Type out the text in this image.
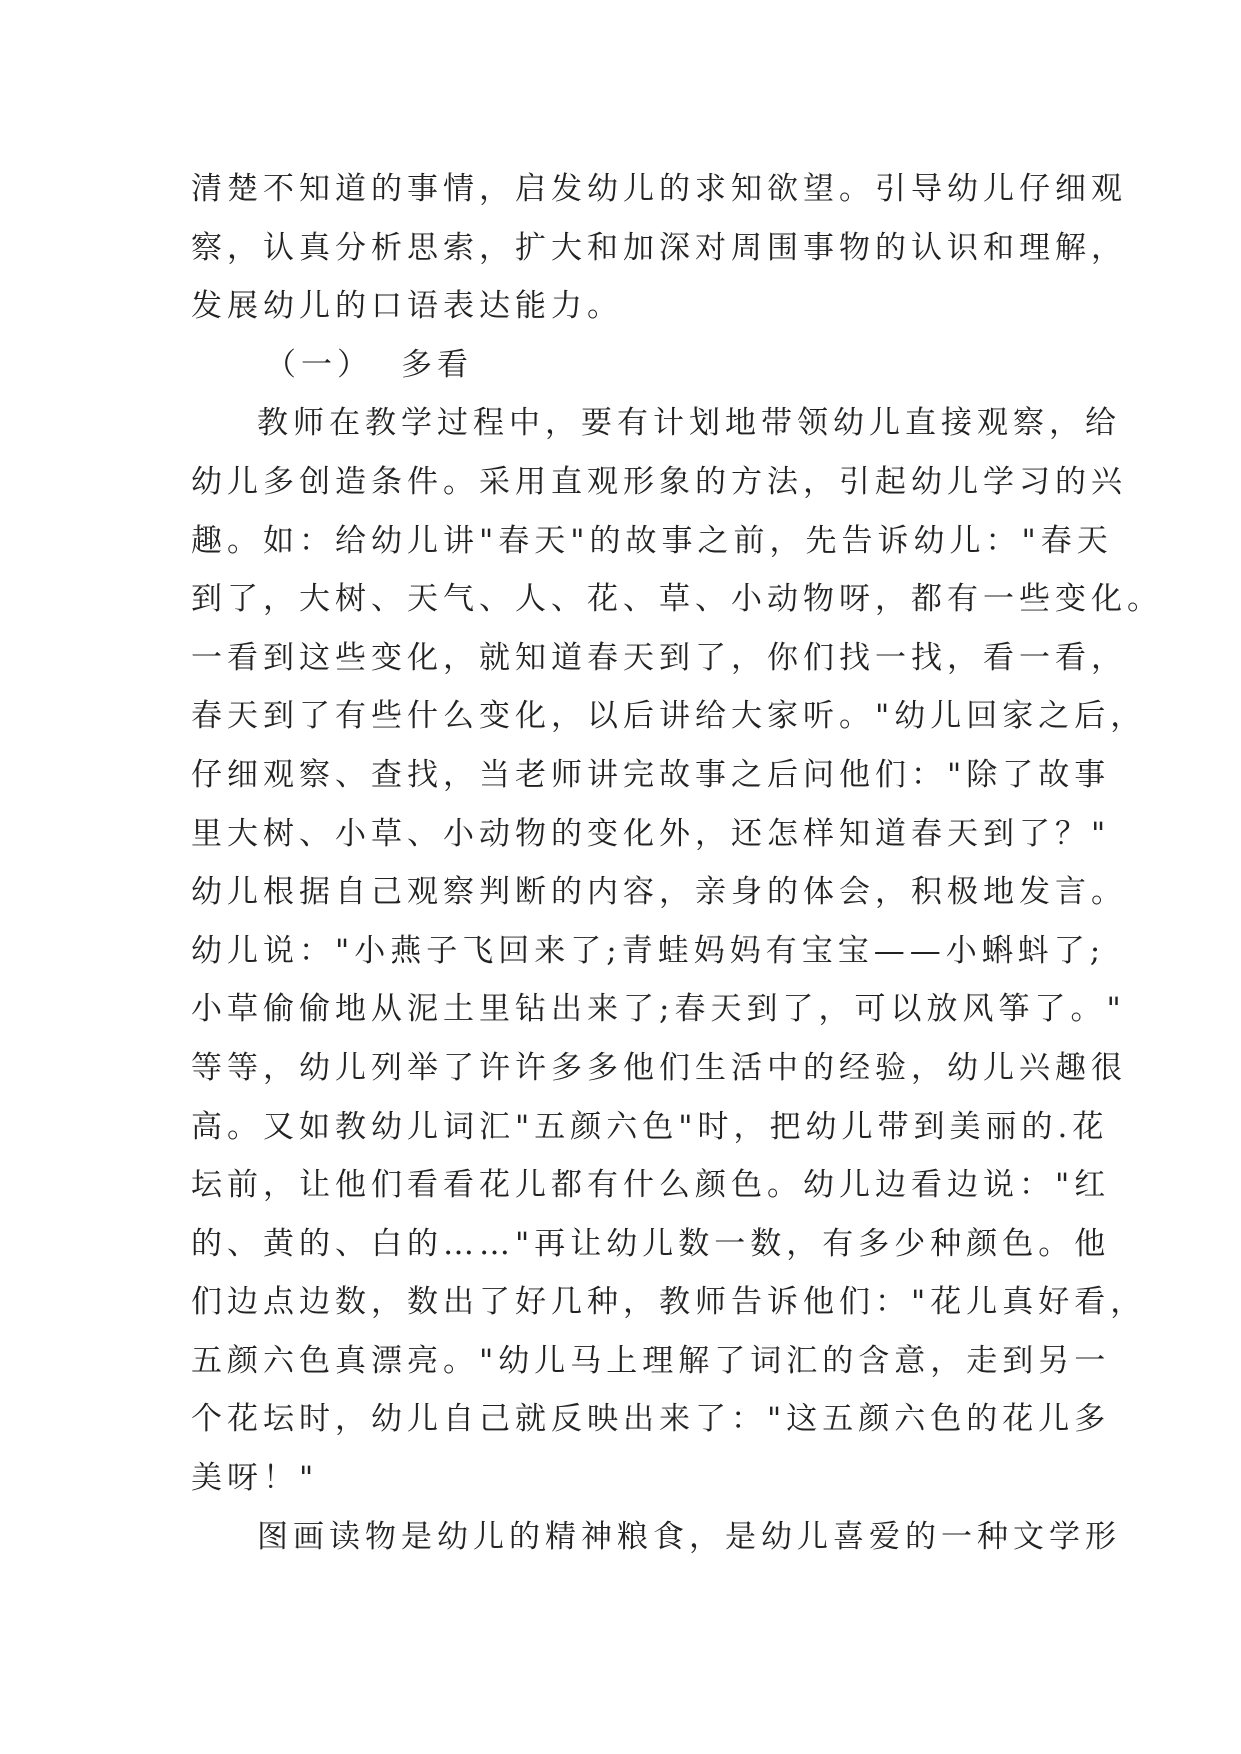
清楚不知道的事情，启发幼儿的求知欲望。引导幼儿仔细观
察，认真分析思索，扩大和加深对周围事物的认识和理解，
发展幼儿的口语表达能力。
（一） 多看
教师在教学过程中，要有计划地带领幼儿直接观察，给
幼儿多创造条件。采用直观形象的方法，引起幼儿学习的兴
趣。如：给幼儿讲"春天"的故事之前，先告诉幼儿："春天
到了，大树、天气、人、花、草、小动物呀，都有一些变化。
一看到这些变化，就知道春天到了，你们找一找，看一看，
春天到了有些什么变化，以后讲给大家听。"幼儿回家之后，
仔细观察、查找，当老师讲完故事之后问他们："除了故事
里大树、小草、小动物的变化外，还怎样知道春天到了？"
幼儿根据自己观察判断的内容，亲身的体会，积极地发言。
幼儿说："小燕子飞回来了;青蛙妈妈有宝宝——小蝌蚪了;
小草偷偷地从泥土里钻出来了;春天到了，可以放风筝了。"
等等，幼儿列举了许许多多他们生活中的经验，幼儿兴趣很
高。又如教幼儿词汇"五颜六色"时，把幼儿带到美丽的.花
坛前，让他们看看花儿都有什么颜色。幼儿边看边说："红
的、黄的、白的……"再让幼儿数一数，有多少种颜色。他
们边点边数，数出了好几种，教师告诉他们："花儿真好看，
五颜六色真漂亮。"幼儿马上理解了词汇的含意，走到另一
个花坛时，幼儿自己就反映出来了："这五颜六色的花儿多
美呀！"
图画读物是幼儿的精神粮食，是幼儿喜爱的一种文学形
